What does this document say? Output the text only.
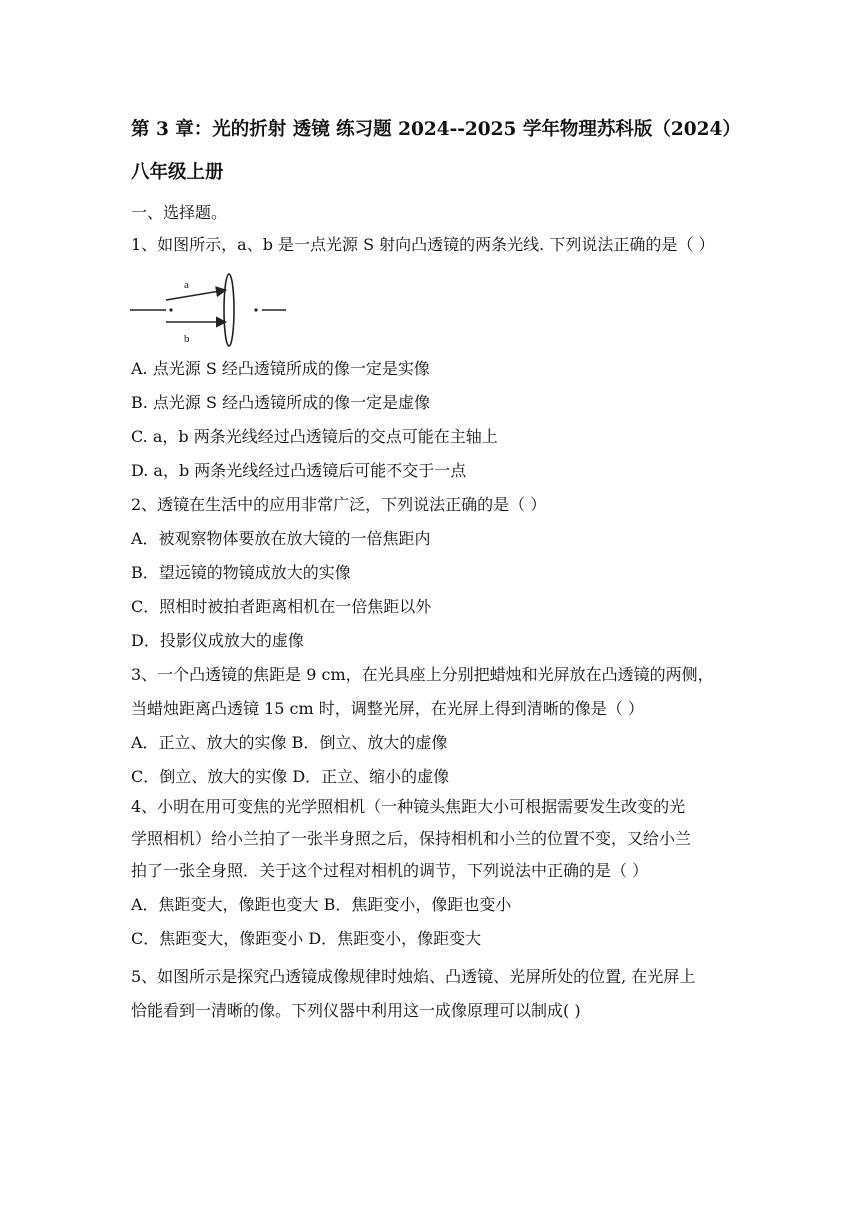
第 3 章：光的折射 透镜 练习题 2024--2025 学年物理苏科版（2024）
八年级上册
一、选择题。
1、如图所示，a、b 是一点光源 S 射向凸透镜的两条光线. 下列说法正确的是（ ）
a
b
A. 点光源 S 经凸透镜所成的像一定是实像
B. 点光源 S 经凸透镜所成的像一定是虚像
C. a，b 两条光线经过凸透镜后的交点可能在主轴上
D. a，b 两条光线经过凸透镜后可能不交于一点
2、透镜在生活中的应用非常广泛，下列说法正确的是（ ）
A．被观察物体要放在放大镜的一倍焦距内
B．望远镜的物镜成放大的实像
C．照相时被拍者距离相机在一倍焦距以外
D．投影仪成放大的虚像
3、一个凸透镜的焦距是 9 cm，在光具座上分别把蜡烛和光屏放在凸透镜的两侧，
当蜡烛距离凸透镜 15 cm 时，调整光屏，在光屏上得到清晰的像是（ ）
A．正立、放大的实像 B．倒立、放大的虚像
C．倒立、放大的实像 D．正立、缩小的虚像
4、小明在用可变焦的光学照相机（一种镜头焦距大小可根据需要发生改变的光
学照相机）给小兰拍了一张半身照之后，保持相机和小兰的位置不变，又给小兰
拍了一张全身照．关于这个过程对相机的调节，下列说法中正确的是（ ）
A．焦距变大，像距也变大 B．焦距变小，像距也变小
C．焦距变大，像距变小 D．焦距变小，像距变大
5、如图所示是探究凸透镜成像规律时烛焰、凸透镜、光屏所处的位置, 在光屏上
恰能看到一清晰的像。下列仪器中利用这一成像原理可以制成( )
